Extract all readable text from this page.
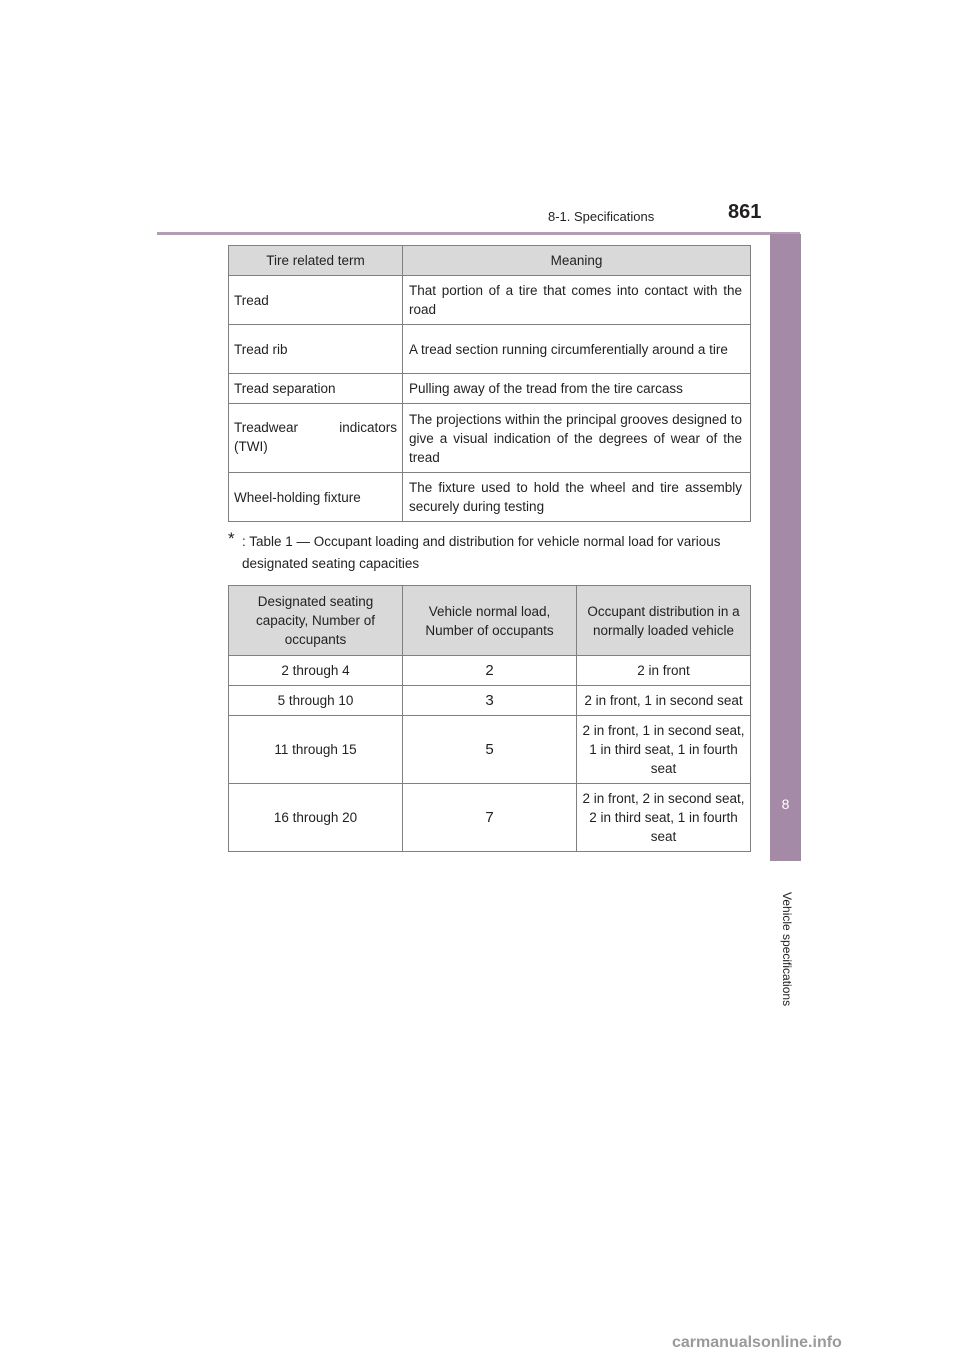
8-1. Specifications	861
8
Vehicle specifications
Tire related term	Meaning
Tread	That portion of a tire that comes into contact with the road
Tread rib	A tread section running circumferentially around a tire
Tread separation	Pulling away of the tread from the tire carcass
Treadwear indicators (TWI)	The projections within the principal grooves designed to give a visual indication of the degrees of wear of the tread
Wheel-holding fixture	The fixture used to hold the wheel and tire assembly securely during testing
* : Table 1 — Occupant loading and distribution for vehicle normal load for various
designated seating capacities
Designated seating capacity, Number of occupants	Vehicle normal load, Number of occupants	Occupant distribution in a normally loaded vehicle
2 through 4	2	2 in front
5 through 10	3	2 in front, 1 in second seat
11 through 15	5	2 in front, 1 in second seat, 1 in third seat, 1 in fourth seat
16 through 20	7	2 in front, 2 in second seat, 2 in third seat, 1 in fourth seat
carmanualsonline.info
